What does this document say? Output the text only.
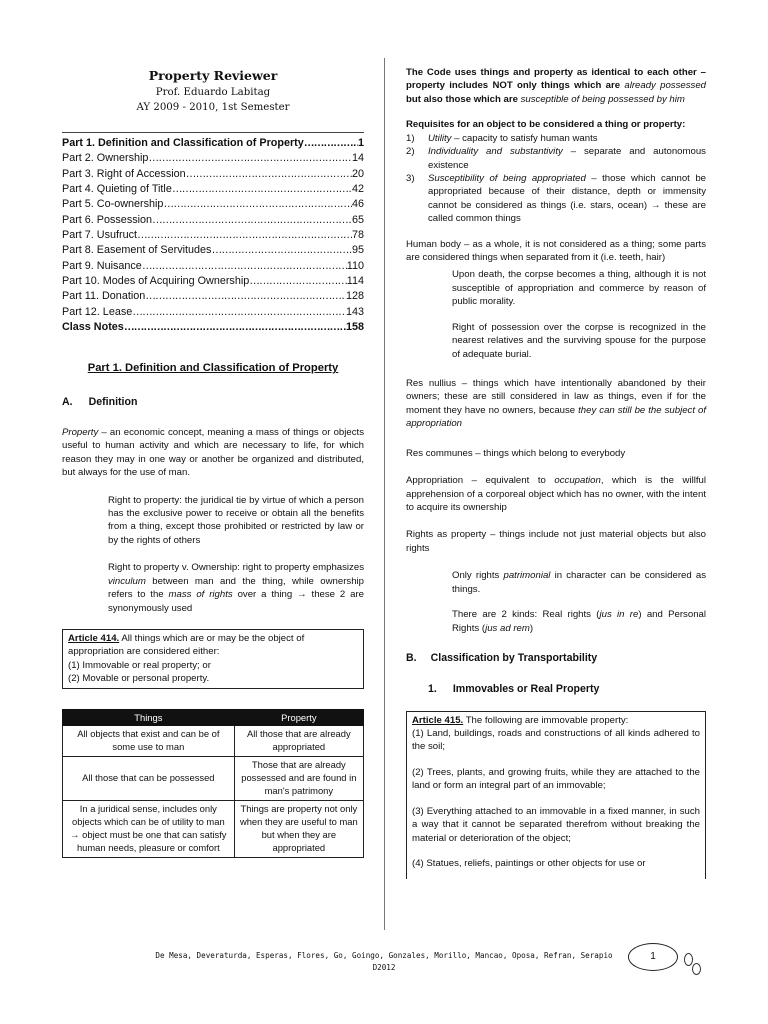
Property Reviewer
Prof. Eduardo Labitag
AY 2009 - 2010, 1st Semester
Part 1. Definition and Classification of Property ……………………………………………………………………………………	1
Part 2. Ownership ……………………………………………………………………………………	14
Part 3. Right of Accession ……………………………………………………………………………………	20
Part 4. Quieting of Title ……………………………………………………………………………………	42
Part 5. Co-ownership ……………………………………………………………………………………	46
Part 6. Possession ……………………………………………………………………………………	65
Part 7. Usufruct ……………………………………………………………………………………	78
Part 8. Easement of Servitudes ……………………………………………………………………………………	95
Part 9. Nuisance ……………………………………………………………………………………	110
Part 10. Modes of Acquiring Ownership ……………………………………………………………………………………	114
Part 11. Donation ……………………………………………………………………………………	128
Part 12. Lease ……………………………………………………………………………………	143
Class Notes ……………………………………………………………………………………	158
Part 1. Definition and Classification of Property
A. Definition

Property – an economic concept, meaning a mass of things or objects useful to human activity and which are necessary to life, for which reason they may in one way or another be organized and distributed, but always for the use of man.

Right to property: the juridical tie by virtue of which a person has the exclusive power to receive or obtain all the benefits from a thing, except those prohibited or restricted by law or by the rights of others

Right to property v. Ownership: right to property emphasizes vinculum between man and the thing, while ownership refers to the mass of rights over a thing → these 2 are synonymously used

Article 414. All things which are or may be the object of appropriation are considered either:
(1) Immovable or real property; or
(2) Movable or personal property.
Things	Property
All objects that exist and can be of some use to man	All those that are already appropriated
All those that can be possessed	Those that are already possessed and are found in man's patrimony
In a juridical sense, includes only objects which can be of utility to man → object must be one that can satisfy human needs, pleasure or comfort	Things are property not only when they are useful to man but when they are appropriated

The Code uses things and property as identical to each other – property includes NOT only things which are already possessed but also those which are susceptible of being possessed by him

Requisites for an object to be considered a thing or property:

1)	Utility – capacity to satisfy human wants

2)	Individuality and substantivity – separate and autonomous existence

3)	Susceptibility of being appropriated – those which cannot be appropriated because of their distance, depth or immensity cannot be considered as things (i.e. stars, ocean) → these are called common things

Human body – as a whole, it is not considered as a thing; some parts are considered things when separated from it (i.e. teeth, hair)

Upon death, the corpse becomes a thing, although it is not susceptible of appropriation and commerce by reason of public morality.

Right of possession over the corpse is recognized in the nearest relatives and the surviving spouse for the purpose of adequate burial.

Res nullius – things which have intentionally abandoned by their owners; these are still considered in law as things, even if for the moment they have no owners, because they can still be the subject of appropriation

Res communes – things which belong to everybody

Appropriation – equivalent to occupation, which is the willful apprehension of a corporeal object which has no owner, with the intent to acquire its ownership

Rights as property – things include not just material objects but also rights

Only rights patrimonial in character can be considered as things.

There are 2 kinds: Real rights (jus in re) and Personal Rights (jus ad rem)

B. Classification by Transportability
1. Immovables or Real Property
Article 415. The following are immovable property:

(1) Land, buildings, roads and constructions of all kinds adhered to the soil;

(2) Trees, plants, and growing fruits, while they are attached to the land or form an integral part of an immovable;

(3) Everything attached to an immovable in a fixed manner, in such a way that it cannot be separated therefrom without breaking the material or deterioration of the object;

(4) Statues, reliefs, paintings or other objects for use or

De Mesa, Deveraturda, Esperas, Flores, Go, Goingo, Gonzales, Morillo, Mancao, Oposa, Refran, Serapio
D2012
1
